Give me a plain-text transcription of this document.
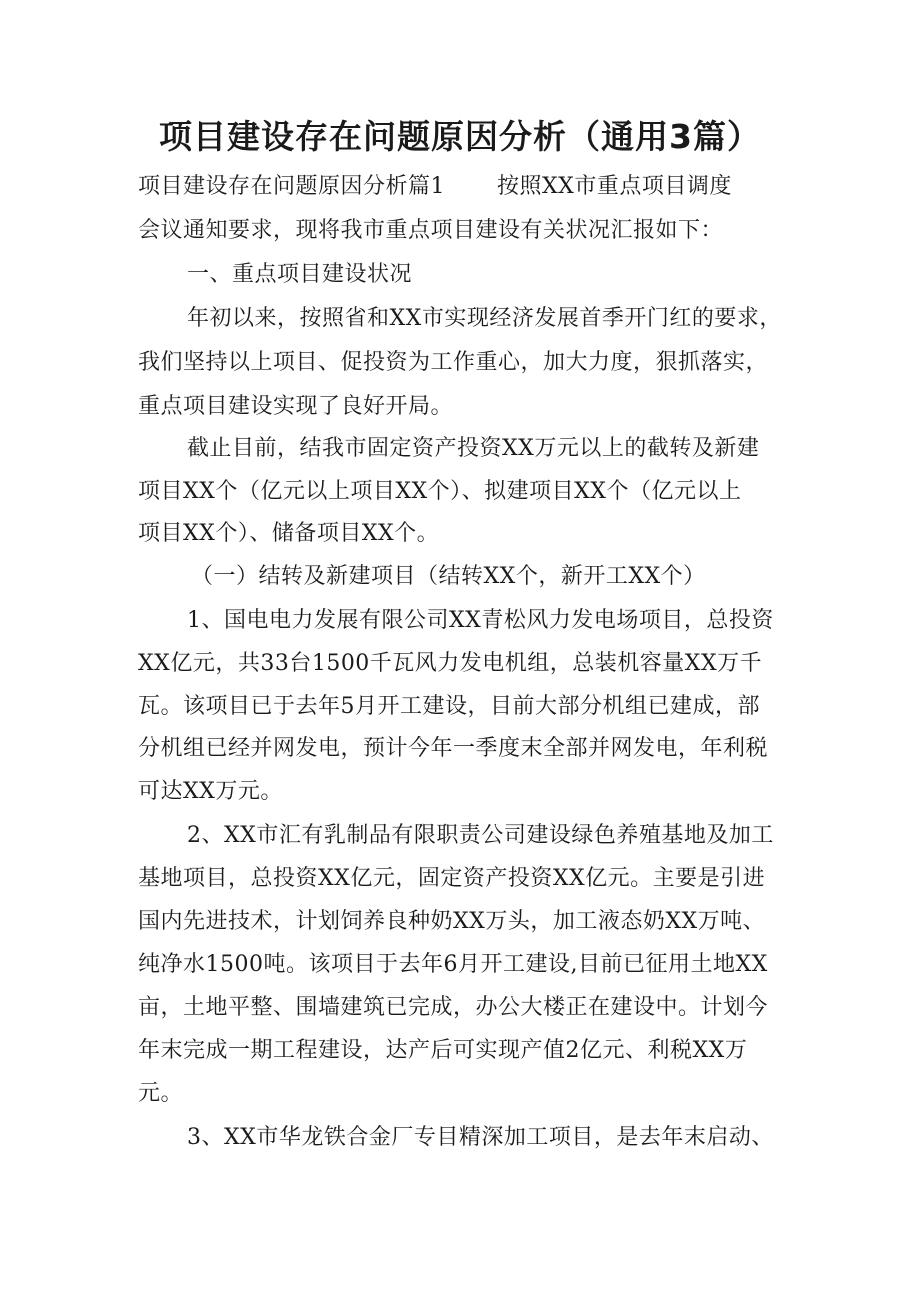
项目建设存在问题原因分析（通用3篇）
项目建设存在问题原因分析篇1 按照XX市重点项目调度
会议通知要求，现将我市重点项目建设有关状况汇报如下：
一、重点项目建设状况
年初以来，按照省和XX市实现经济发展首季开门红的要求，
我们坚持以上项目、促投资为工作重心，加大力度，狠抓落实，
重点项目建设实现了良好开局。
截止目前，结我市固定资产投资XX万元以上的截转及新建
项目XX个（亿元以上项目XX个）、拟建项目XX个（亿元以上
项目XX个）、储备项目XX个。
（一）结转及新建项目（结转XX个，新开工XX个）
1、国电电力发展有限公司XX青松风力发电场项目，总投资
XX亿元，共33台1500千瓦风力发电机组，总装机容量XX万千
瓦。该项目已于去年5月开工建设，目前大部分机组已建成，部
分机组已经并网发电，预计今年一季度末全部并网发电，年利税
可达XX万元。
2、XX市汇有乳制品有限职责公司建设绿色养殖基地及加工
基地项目，总投资XX亿元，固定资产投资XX亿元。主要是引进
国内先进技术，计划饲养良种奶XX万头，加工液态奶XX万吨、
纯净水1500吨。该项目于去年6月开工建设,目前已征用土地XX
亩，土地平整、围墙建筑已完成，办公大楼正在建设中。计划今
年末完成一期工程建设，达产后可实现产值2亿元、利税XX万
元。
3、XX市华龙铁合金厂专目精深加工项目，是去年末启动、
